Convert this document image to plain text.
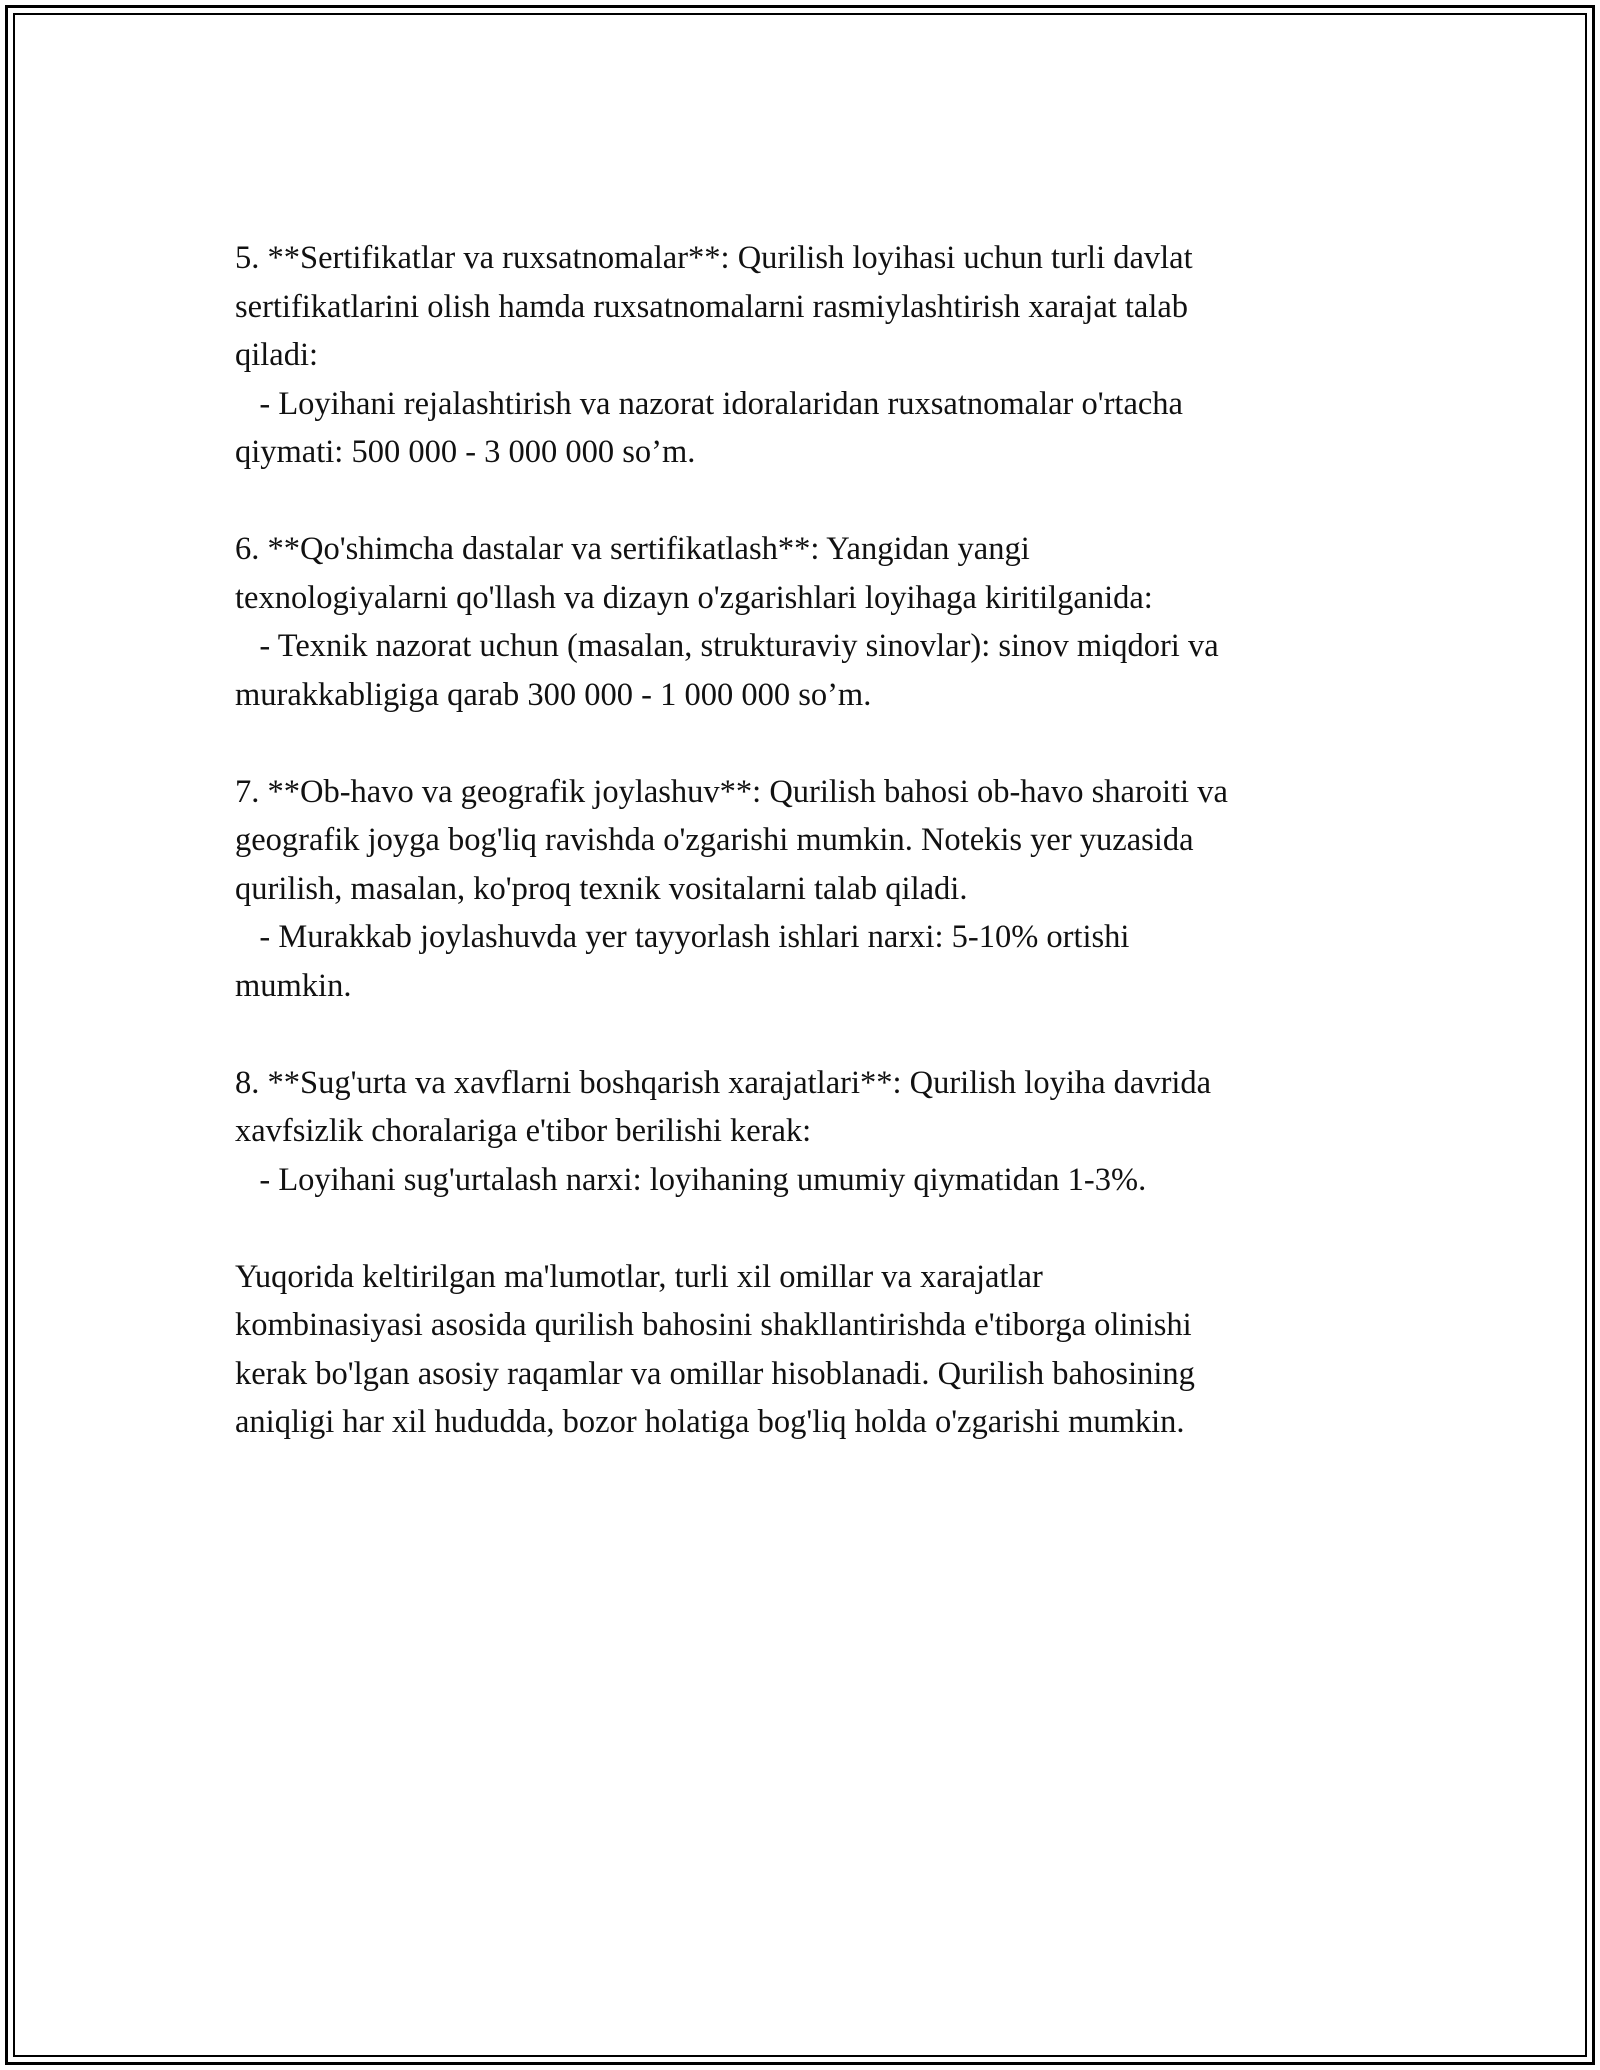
5. **Sertifikatlar va ruxsatnomalar**: Qurilish loyihasi uchun turli davlat
sertifikatlarini olish hamda ruxsatnomalarni rasmiylashtirish xarajat talab
qiladi:
- Loyihani rejalashtirish va nazorat idoralaridan ruxsatnomalar o'rtacha
qiymati: 500 000 - 3 000 000 so’m.
6. **Qo'shimcha dastalar va sertifikatlash**: Yangidan yangi
texnologiyalarni qo'llash va dizayn o'zgarishlari loyihaga kiritilganida:
- Texnik nazorat uchun (masalan, strukturaviy sinovlar): sinov miqdori va
murakkabligiga qarab 300 000 - 1 000 000 so’m.
7. **Ob-havo va geografik joylashuv**: Qurilish bahosi ob-havo sharoiti va
geografik joyga bog'liq ravishda o'zgarishi mumkin. Notekis yer yuzasida
qurilish, masalan, ko'proq texnik vositalarni talab qiladi.
- Murakkab joylashuvda yer tayyorlash ishlari narxi: 5-10% ortishi
mumkin.
8. **Sug'urta va xavflarni boshqarish xarajatlari**: Qurilish loyiha davrida
xavfsizlik choralariga e'tibor berilishi kerak:
- Loyihani sug'urtalash narxi: loyihaning umumiy qiymatidan 1-3%.
Yuqorida keltirilgan ma'lumotlar, turli xil omillar va xarajatlar
kombinasiyasi asosida qurilish bahosini shakllantirishda e'tiborga olinishi
kerak bo'lgan asosiy raqamlar va omillar hisoblanadi. Qurilish bahosining
aniqligi har xil hududda, bozor holatiga bog'liq holda o'zgarishi mumkin.
